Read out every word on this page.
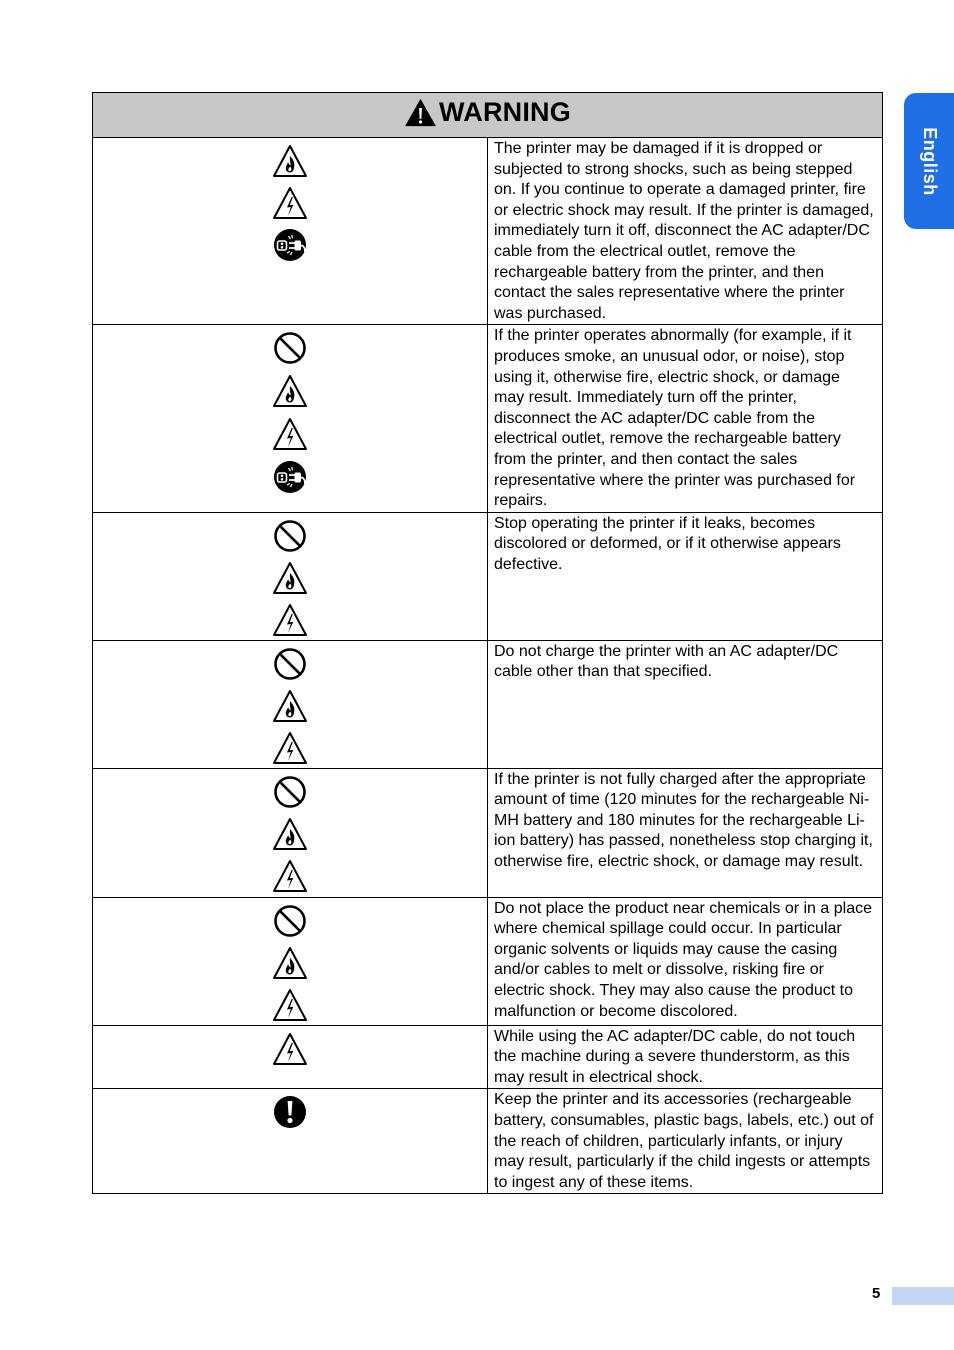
WARNING	

	The printer may be damaged if it is dropped or subjected to strong shocks, such as being stepped on. If you continue to operate a damaged printer, fire or electric shock may result. If the printer is damaged, immediately turn it off, disconnect the AC adapter/DC cable from the electrical outlet, remove the rechargeable battery from the printer, and then contact the sales representative where the printer was purchased.

	If the printer operates abnormally (for example, if it produces smoke, an unusual odor, or noise), stop using it, otherwise fire, electric shock, or damage may result. Immediately turn off the printer, disconnect the AC adapter/DC cable from the electrical outlet, remove the rechargeable battery from the printer, and then contact the sales representative where the printer was purchased for repairs.

	Stop operating the printer if it leaks, becomes discolored or deformed, or if it otherwise appears defective.

	Do not charge the printer with an AC adapter/DC cable other than that specified.

	If the printer is not fully charged after the appropriate amount of time (120 minutes for the rechargeable Ni-MH battery and 180 minutes for the rechargeable Li-ion battery) has passed, nonetheless stop charging it, otherwise fire, electric shock, or damage may result.

	Do not place the product near chemicals or in a place where chemical spillage could occur. In particular organic solvents or liquids may cause the casing and/or cables to melt or dissolve, risking fire or electric shock. They may also cause the product to malfunction or become discolored.

	While using the AC adapter/DC cable, do not touch the machine during a severe thunderstorm, as this may result in electrical shock.

	Keep the printer and its accessories (rechargeable battery, consumables, plastic bags, labels, etc.) out of the reach of children, particularly infants, or injury may result, particularly if the child ingests or attempts to ingest any of these items.
English
5
